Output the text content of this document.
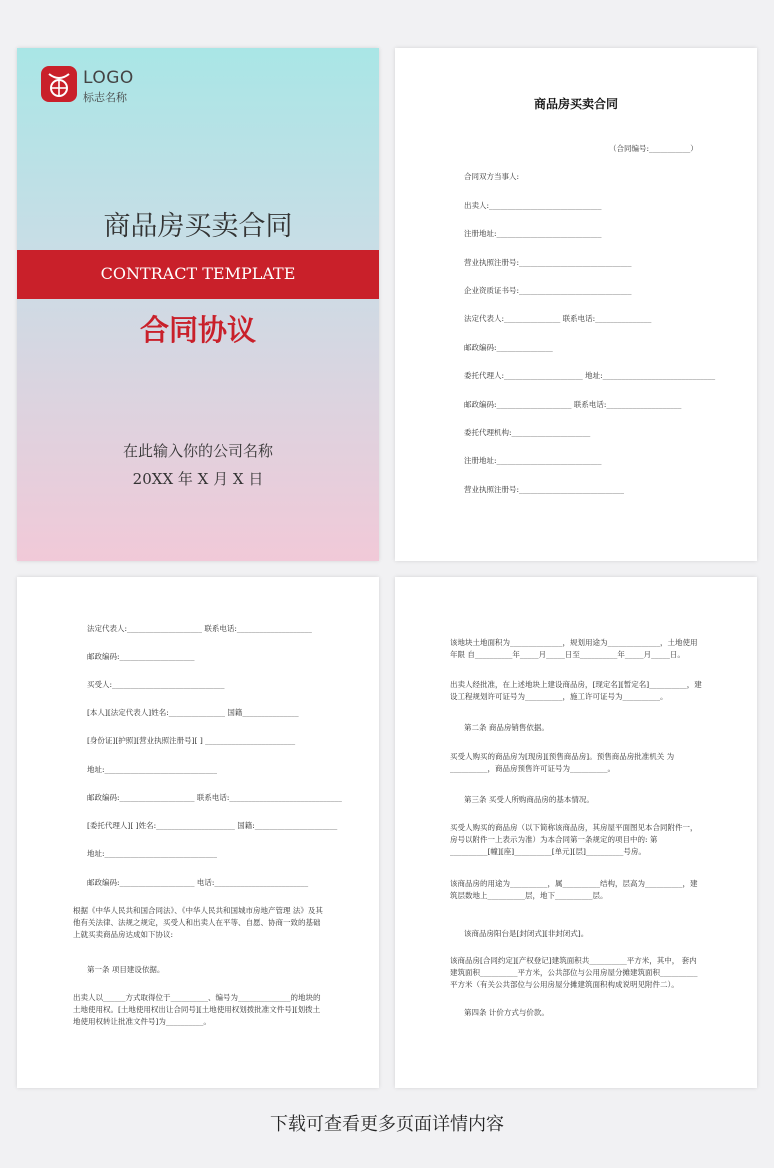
LOGO
标志名称
商品房买卖合同
CONTRACT TEMPLATE
合同协议
在此输入你的公司名称
20XX 年 X 月 X 日
商品房买卖合同
（合同编号:___________）
合同双方当事人:
出卖人:______________________________
注册地址:____________________________
营业执照注册号:______________________________
企业资质证书号:______________________________
法定代表人:_______________ 联系电话:_______________
邮政编码:_______________
委托代理人:_____________________ 地址:______________________________
邮政编码:____________________ 联系电话:____________________
委托代理机构:_____________________
注册地址:____________________________
营业执照注册号:____________________________
法定代表人:____________________ 联系电话:____________________
邮政编码:____________________
买受人:______________________________
[本人][法定代表人]姓名:_______________ 国籍_______________
[身份证][护照][营业执照注册号][ ] ________________________
地址:______________________________
邮政编码:____________________ 联系电话:______________________________
[委托代理人][ ]姓名:_____________________ 国籍:______________________
地址:______________________________
邮政编码:____________________ 电话:_________________________
根据《中华人民共和国合同法》、《中华人民共和国城市房地产管理 法》及其他有关法律、法规之规定，买受人和出卖人在平等、自愿、协商一致的基础上就买卖商品房达成如下协议:
第一条 项目建设依据。
出卖人以______方式取得位于__________、编号为______________的地块的土地使用权。[土地使用权出让合同号][土地使用权划拨批准文件号][划拨土地使用权转让批准文件号]为__________。
该地块土地面积为______________，规划用途为______________，土地使用年限 自__________年_____月_____日至__________年_____月_____日。
出卖人经批准，在上述地块上建设商品房，[现定名][暂定名]__________，建设工程规划许可证号为__________，施工许可证号为__________。
第二条 商品房销售依据。
买受人购买的商品房为[现房][预售商品房]。预售商品房批准机关 为__________，商品房预售许可证号为__________。
第三条 买受人所购商品房的基本情况。
买受人购买的商品房（以下简称该商品房，其房屋平面图见本合同附件一，房号以附件一上表示为准）为本合同第一条规定的项目中的: 第__________[幢][座]__________[单元][层]__________号房。
该商品房的用途为__________，属__________结构，层高为__________，建筑层数地上__________层，地下__________层。
该商品房阳台是[封闭式][非封闭式]。
该商品房[合同约定][产权登记]建筑面积共__________平方米，其中， 套内建筑面积__________平方米，公共部位与公用房屋分摊建筑面积__________平方米（有关公共部位与公用房屋分摊建筑面积构成说明见附件二）。
第四条 计价方式与价款。
下载可查看更多页面详情内容
